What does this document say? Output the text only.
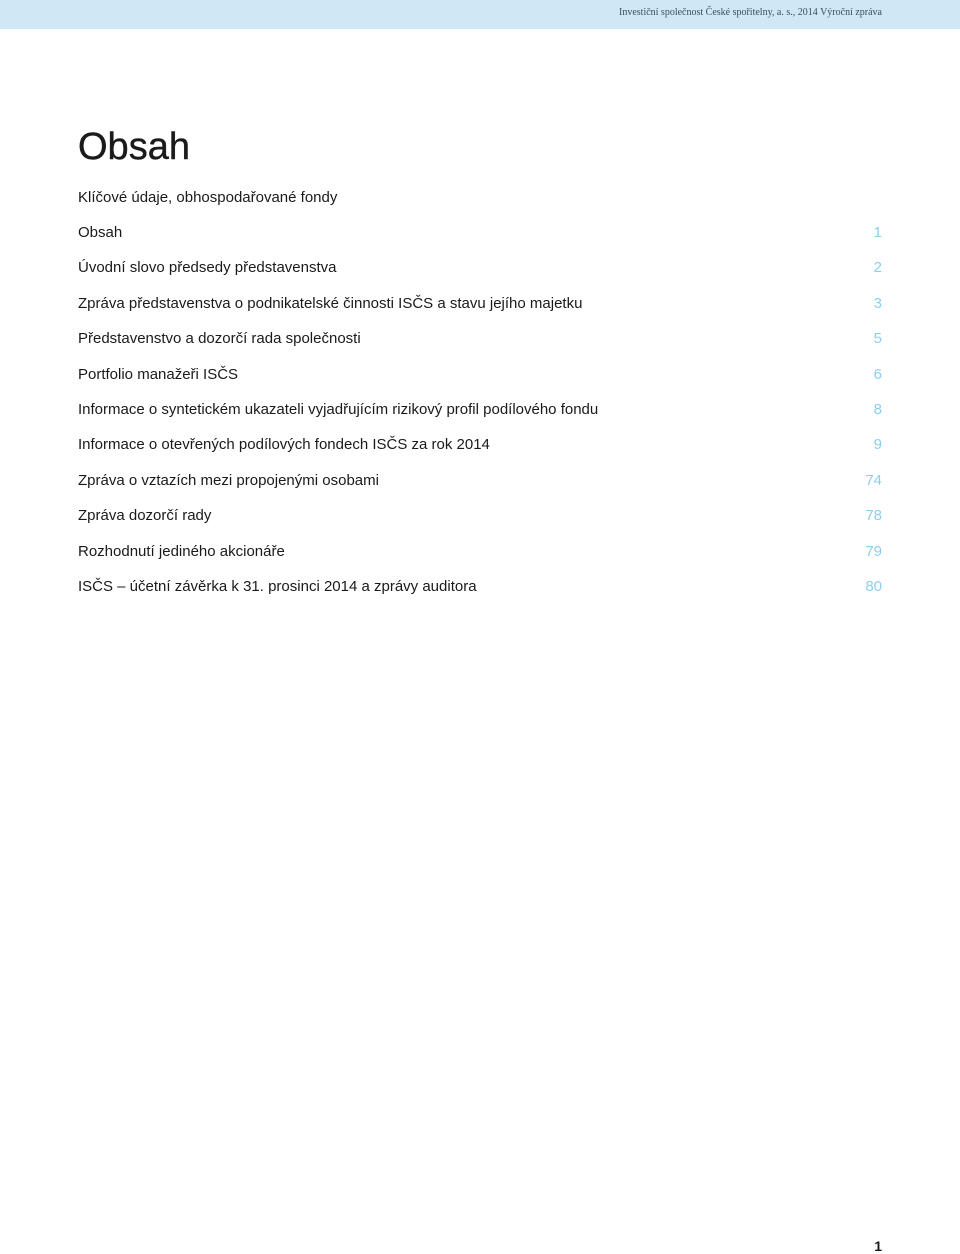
Investiční společnost České spořitelny, a. s., 2014 Výroční zpráva
Obsah
Klíčové údaje, obhospodařované fondy
Obsah	1
Úvodní slovo předsedy představenstva	2
Zpráva představenstva o podnikatelské činnosti ISČS a stavu jejího majetku	3
Představenstvo a dozorčí rada společnosti	5
Portfolio manažeři ISČS	6
Informace o syntetickém ukazateli vyjadřujícím rizikový profil podílového fondu	8
Informace o otevřených podílových fondech ISČS za rok 2014	9
Zpráva o vztazích mezi propojenými osobami	74
Zpráva dozorčí rady	78
Rozhodnutí jediného akcionáře	79
ISČS – účetní závěrka k 31. prosinci 2014 a zprávy auditora	80
1
